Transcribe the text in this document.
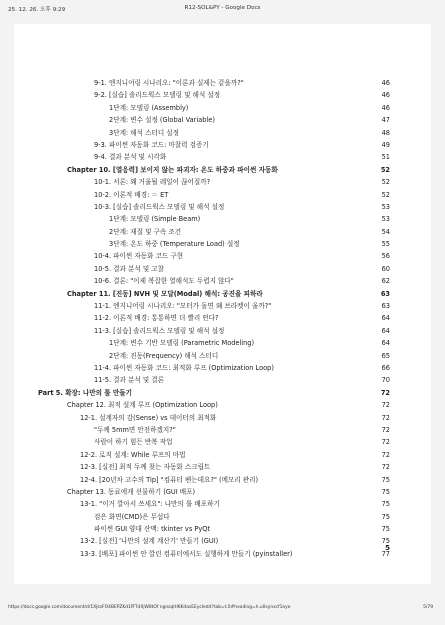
25. 12. 26. 오후 9:29	R12-SOL&PY - Google Docs
9-1. 엔지니어링 시나리오: "이론과 실제는 같을까?"	46
9-2. [실습] 솔리드웍스 모델링 및 해석 설정	46
1단계: 모델링 (Assembly)	46
2단계: 변수 설정 (Global Variable)	47
3단계: 해석 스터디 설정	48
9-3. 파이썬 자동화 코드: 마찰력 검증기	49
9-4. 결과 분석 및 시각화	51
Chapter 10. [열응력] 보이지 않는 파괴자: 온도 하중과 파이썬 자동화	52
10-1. 서론: 왜 거울될 레일이 끊어질까?	52
10-2. 이론적 배경: ＝ ET	52
10-3. [실습] 솔리드웍스 모델링 및 해석 설정	53
1단계: 모델링 (Simple Beam)	53
2단계: 재질 및 구속 조건	54
3단계: 온도 하중 (Temperature Load) 설정	55
10-4. 파이썬 자동화 코드 구현	56
10-5. 결과 분석 및 고찰	60
10-6. 결론: "이제 복잡한 열해석도 두렵지 않다"	62
Chapter 11. [진동] NVH 및 모달(Modal) 해석: 공진을 피하라	63
11-1. 엔지니어링 시나리오: "모터가 돌면 왜 브라켓이 울까?"	63
11-2. 이론적 배경: 통통하면 더 빨리 떤다?	64
11-3. [실습] 솔리드웍스 모델링 및 해석 설정	64
1단계: 변수 기반 모델링 (Parametric Modeling)	64
2단계: 진동(Frequency) 해석 스터디	65
11-4. 파이썬 자동화 코드: 최적화 루프 (Optimization Loop)	66
11-5. 결과 분석 및 결론	70
Part 5. 확장: 나만의 툴 만들기	72
Chapter 12. 최적 설계 루프 (Optimization Loop)	72
12-1. 설계자의 감(Sense) vs 데이터의 최적화	72
"두께 5mm면 안전하겠지?"	72
사람이 하기 힘든 반복 작업	72
12-2. 로직 설계: While 루프의 마법	72
12-3. [실전] 최적 두께 찾는 자동화 스크립트	72
12-4. [20년차 고수의 Tip] "컴퓨터 팬는데요?" (메모리 관리)	75
Chapter 13. 동료에게 선물하기 (GUI 배포)	75
13-1. "이거 깔아서 쓰세요": 나만의 툴 배포하기	75
검은 화면(CMD)은 무섭다	75
파이썬 GUI 양대 산맥: tkinter vs PyQt	75
13-2. [실전] '나만의 설계 계산기' 만들기 (GUI)	75
13-3. [배포] 파이썬 안 깔린 컴퓨터에서도 실행하게 만들기 (pyinstaller)	77
5
https://docs.google.com/document/d/1XjksFO4BEPZKd1fFTdXjW8tOf ngnzqlH6KdasEEycIedit?tab=t.0#heading=h.u0synxcf1oye	5/79
